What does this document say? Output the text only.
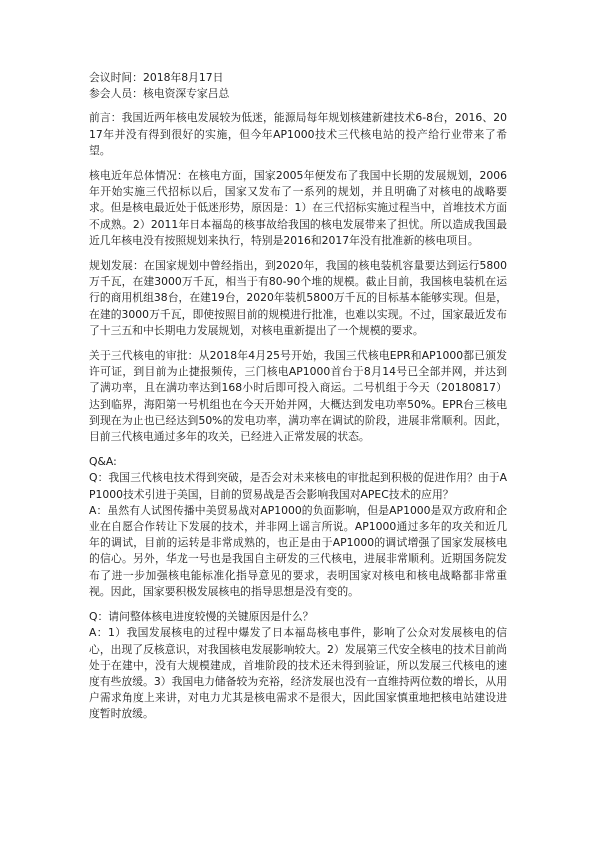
会议时间：2018年8月17日

参会人员：核电资深专家吕总

前言：我国近两年核电发展较为低迷，能源局每年规划核建新建技术6-8台，2016、2017年并没有得到很好的实施，但今年AP1000技术三代核电站的投产给行业带来了希望。

核电近年总体情况：在核电方面，国家2005年便发布了我国中长期的发展规划，2006年开始实施三代招标以后，国家又发布了一系列的规划，并且明确了对核电的战略要求。但是核电最近处于低迷形势，原因是：1）在三代招标实施过程当中，首堆技术方面不成熟。2）2011年日本福岛的核事故给我国的核电发展带来了担忧。所以造成我国最近几年核电没有按照规划来执行，特别是2016和2017年没有批准新的核电项目。

规划发展：在国家规划中曾经指出，到2020年，我国的核电装机容量要达到运行5800万千瓦，在建3000万千瓦，相当于有80-90个堆的规模。截止目前，我国核电装机在运行的商用机组38台，在建19台，2020年装机5800万千瓦的目标基本能够实现。但是，在建的3000万千瓦，即使按照目前的规模进行批准，也难以实现。不过，国家最近发布了十三五和中长期电力发展规划，对核电重新提出了一个规模的要求。

关于三代核电的审批：从2018年4月25号开始，我国三代核电EPR和AP1000都已颁发许可证，到目前为止捷报频传，三门核电AP1000首台于8月14号已全部并网，并达到了满功率，且在满功率达到168小时后即可投入商运。二号机组于今天（20180817）达到临界，海阳第一号机组也在今天开始并网，大概达到发电功率50%。EPR台三核电到现在为止也已经达到50%的发电功率，满功率在调试的阶段，进展非常顺利。因此，目前三代核电通过多年的攻关，已经进入正常发展的状态。

Q&A:

Q：我国三代核电技术得到突破，是否会对未来核电的审批起到积极的促进作用？由于AP1000技术引进于美国，目前的贸易战是否会影响我国对APEC技术的应用？

A：虽然有人试图传播中美贸易战对AP1000的负面影响，但是AP1000是双方政府和企业在自愿合作转让下发展的技术，并非网上谣言所说。AP1000通过多年的攻关和近几年的调试，目前的运转是非常成熟的，也正是由于AP1000的调试增强了国家发展核电的信心。另外，华龙一号也是我国自主研发的三代核电，进展非常顺利。近期国务院发布了进一步加强核电能标准化指导意见的要求，表明国家对核电和核电战略都非常重视。因此，国家要积极发展核电的指导思想是没有变的。

Q：请问整体核电进度较慢的关键原因是什么？

A：1）我国发展核电的过程中爆发了日本福岛核电事件，影响了公众对发展核电的信心，出现了反核意识，对我国核电发展影响较大。2）发展第三代安全核电的技术目前尚处于在建中，没有大规模建成，首堆阶段的技术还未得到验证，所以发展三代核电的速度有些放缓。3）我国电力储备较为充裕，经济发展也没有一直维持两位数的增长，从用户需求角度上来讲，对电力尤其是核电需求不是很大，因此国家慎重地把核电站建设进度暂时放缓。
